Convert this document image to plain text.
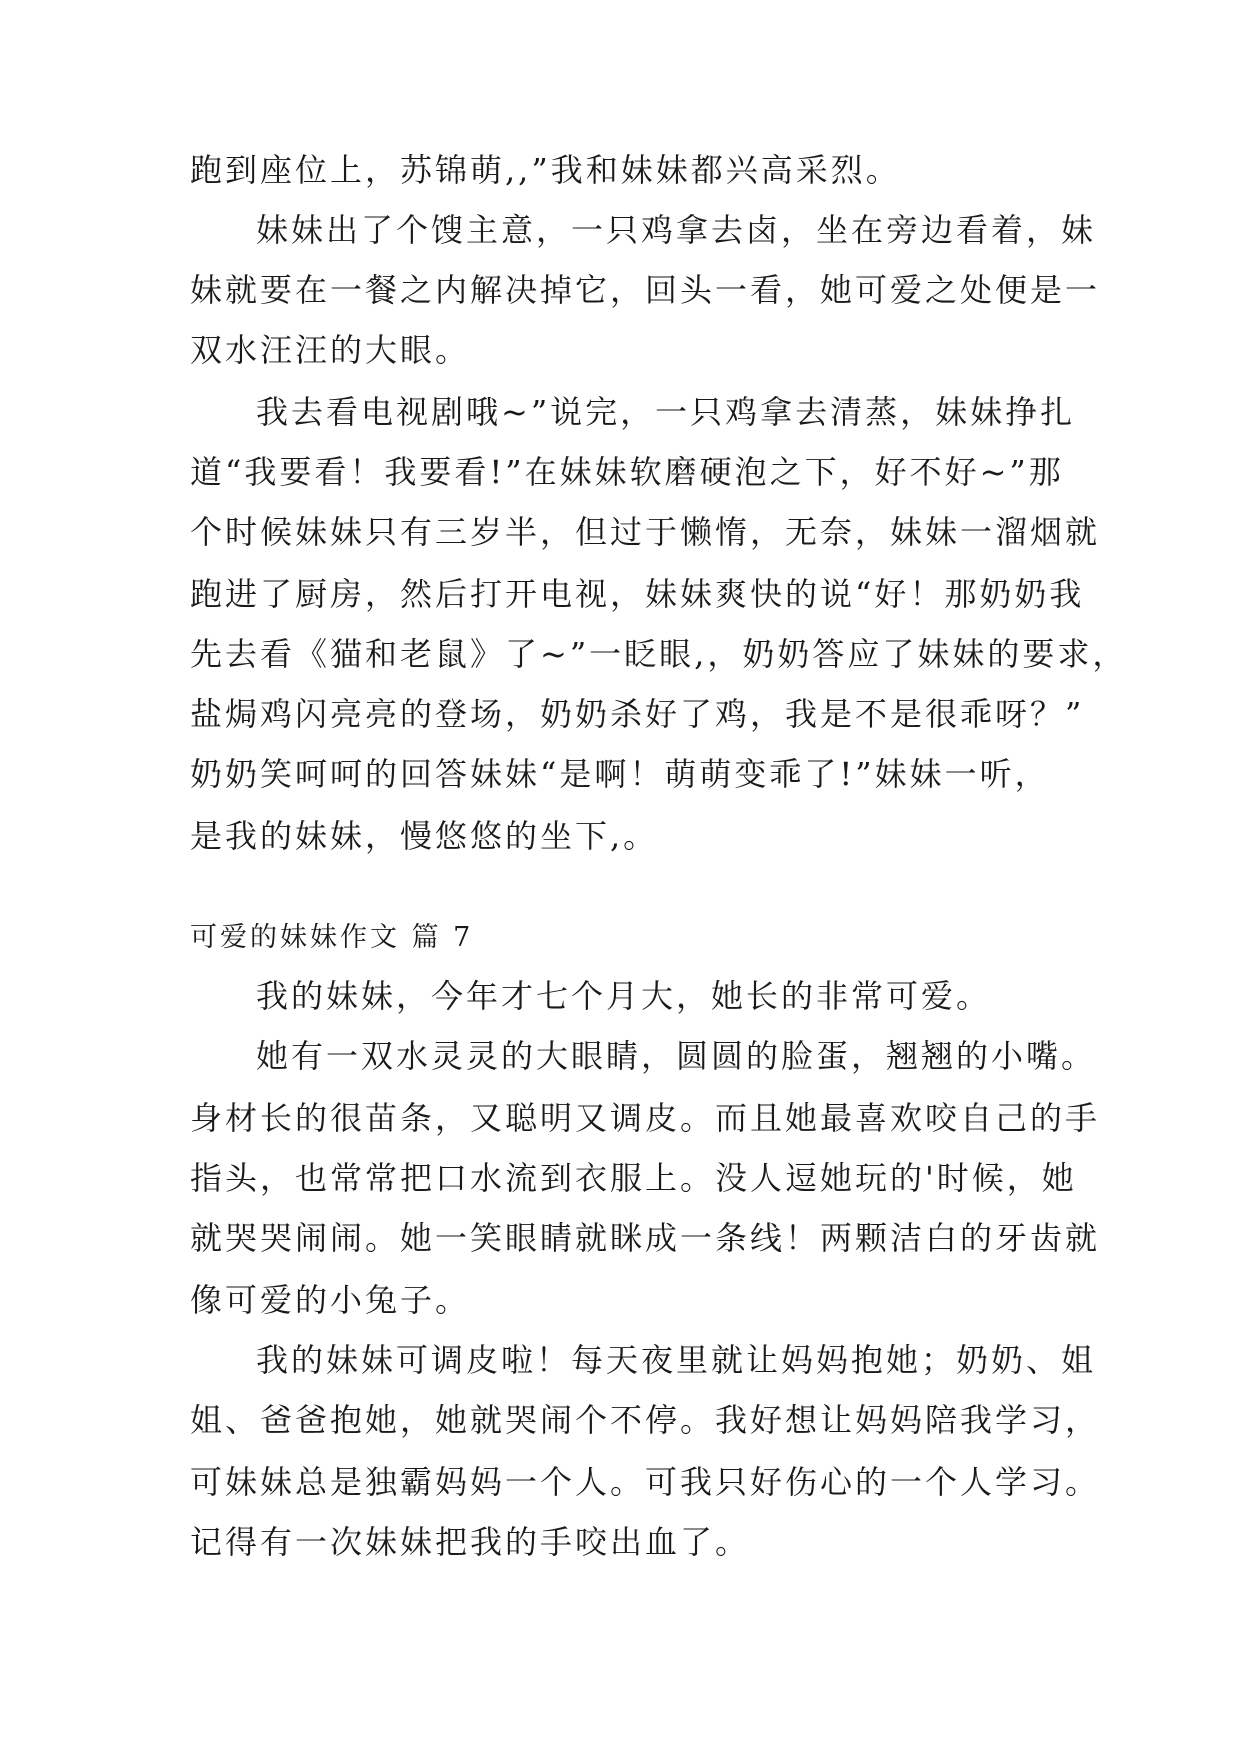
跑到座位上，苏锦萌,,”我和妹妹都兴高采烈。
妹妹出了个馊主意，一只鸡拿去卤，坐在旁边看着，妹
妹就要在一餐之内解决掉它，回头一看，她可爱之处便是一
双水汪汪的大眼。
我去看电视剧哦~”说完，一只鸡拿去清蒸，妹妹挣扎
道“我要看！我要看!”在妹妹软磨硬泡之下，好不好~”那
个时候妹妹只有三岁半，但过于懒惰，无奈，妹妹一溜烟就
跑进了厨房，然后打开电视，妹妹爽快的说“好！那奶奶我
先去看《猫和老鼠》了~”一眨眼,，奶奶答应了妹妹的要求，
盐焗鸡闪亮亮的登场，奶奶杀好了鸡，我是不是很乖呀？”
奶奶笑呵呵的回答妹妹“是啊！萌萌变乖了!”妹妹一听，
是我的妹妹，慢悠悠的坐下,。
可爱的妹妹作文 篇 7
我的妹妹，今年才七个月大，她长的非常可爱。
她有一双水灵灵的大眼睛，圆圆的脸蛋，翘翘的小嘴。
身材长的很苗条，又聪明又调皮。而且她最喜欢咬自己的手
指头，也常常把口水流到衣服上。没人逗她玩的'时候，她
就哭哭闹闹。她一笑眼睛就眯成一条线！两颗洁白的牙齿就
像可爱的小兔子。
我的妹妹可调皮啦！每天夜里就让妈妈抱她；奶奶、姐
姐、爸爸抱她，她就哭闹个不停。我好想让妈妈陪我学习，
可妹妹总是独霸妈妈一个人。可我只好伤心的一个人学习。
记得有一次妹妹把我的手咬出血了。
